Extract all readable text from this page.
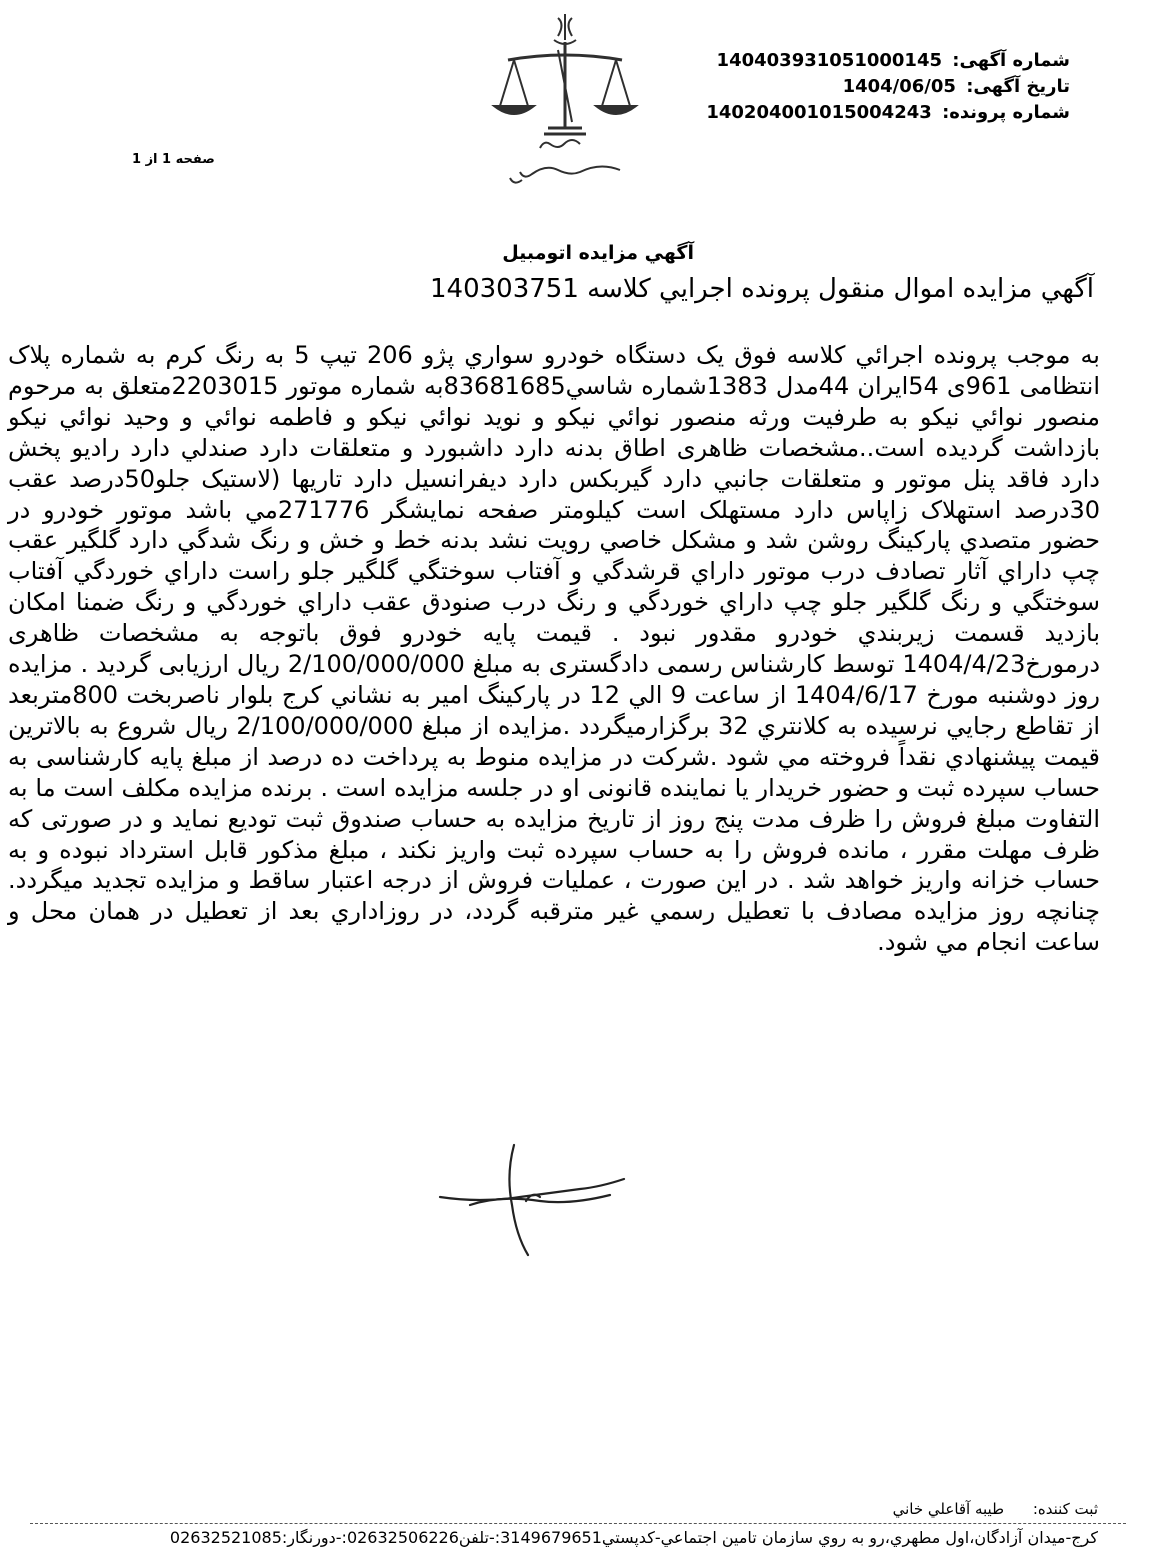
شماره آگهی: 14040393105100014‌5
تاريخ آگهی: 1404/06/05
شماره پرونده: 14020400101500424‌3
صفحه 1 از 1
آگهي مزايده اتومبيل
آگهي مزايده اموال منقول پرونده اجرايي کلاسه 140303751
به موجب پرونده اجرائي کلاسه فوق يک دستگاه خودرو سواري پژو 206 تيپ 5 به رنگ کرم به شماره پلاک انتظامی 961ی 54ایران 44مدل 1383شماره شاسي83681685به شماره موتور 2203015متعلق به مرحوم منصور نوائي نيکو به طرفيت ورثه منصور نوائي نيکو و نويد نوائي نيکو و فاطمه نوائي و وحيد نوائي نيکو بازداشت گرديده است..مشخصات ظاهری اطاق بدنه دارد داشبورد و متعلقات دارد صندلي دارد راديو پخش دارد فاقد پنل موتور و متعلقات جانبي دارد گيربکس دارد ديفرانسيل دارد تاريها (لاستيک جلو50درصد عقب 30درصد استهلاک زاپاس دارد مستهلک است کيلومتر صفحه نمايشگر 271776مي باشد موتور خودرو در حضور متصدي پارکينگ روشن شد و مشکل خاصي رويت نشد بدنه خط و خش و رنگ شدگي دارد گلگير عقب چپ داراي آثار تصادف درب موتور داراي قرشدگي و آفتاب سوختگي گلگير جلو راست داراي خوردگي آفتاب سوختگي و رنگ گلگير جلو چپ داراي خوردگي و رنگ درب صنودق عقب داراي خوردگي و رنگ ضمنا امکان بازديد قسمت زيربندي خودرو مقدور نبود . قيمت پايه خودرو فوق باتوجه به مشخصات ظاهری درمورخ1404/4/23 توسط کارشناس رسمی دادگستری به مبلغ 2/100/000/000 ريال ارزيابی گرديد . مزايده روز دوشنبه مورخ 1404/6/17 از ساعت 9 الي 12 در پارکينگ امير به نشاني کرج بلوار ناصربخت 800متربعد از تقاطع رجايي نرسيده به کلانتري 32 برگزارميگردد .مزايده از مبلغ 2/100/000/000 ريال شروع به بالاترين قيمت پيشنهادي نقداً فروخته مي شود .شرکت در مزايده منوط به پرداخت ده درصد از مبلغ پايه کارشناسی به حساب سپرده ثبت و حضور خريدار يا نماينده قانونی او در جلسه مزايده است . برنده مزايده مکلف است ما به التفاوت مبلغ فروش را ظرف مدت پنج روز از تاريخ مزايده به حساب صندوق ثبت توديع نمايد و در صورتی که ظرف مهلت مقرر ، مانده فروش را به حساب سپرده ثبت واريز نکند ، مبلغ مذکور قابل استرداد نبوده و به حساب خزانه واريز خواهد شد . در اين صورت ، عمليات فروش از درجه اعتبار ساقط و مزايده تجديد ميگردد. چنانچه روز مزايده مصادف با تعطيل رسمي غير مترقبه گردد، در روزاداري بعد از تعطيل در همان محل و ساعت انجام مي شود.
ثبت کننده: طيبه آقاعلي خاني
کرج-ميدان آزادگان،اول مطهري،رو به روي سازمان تامين اجتماعي-کدپستي3149679651:-تلفن02632506226:-دورنگار:02632521085
